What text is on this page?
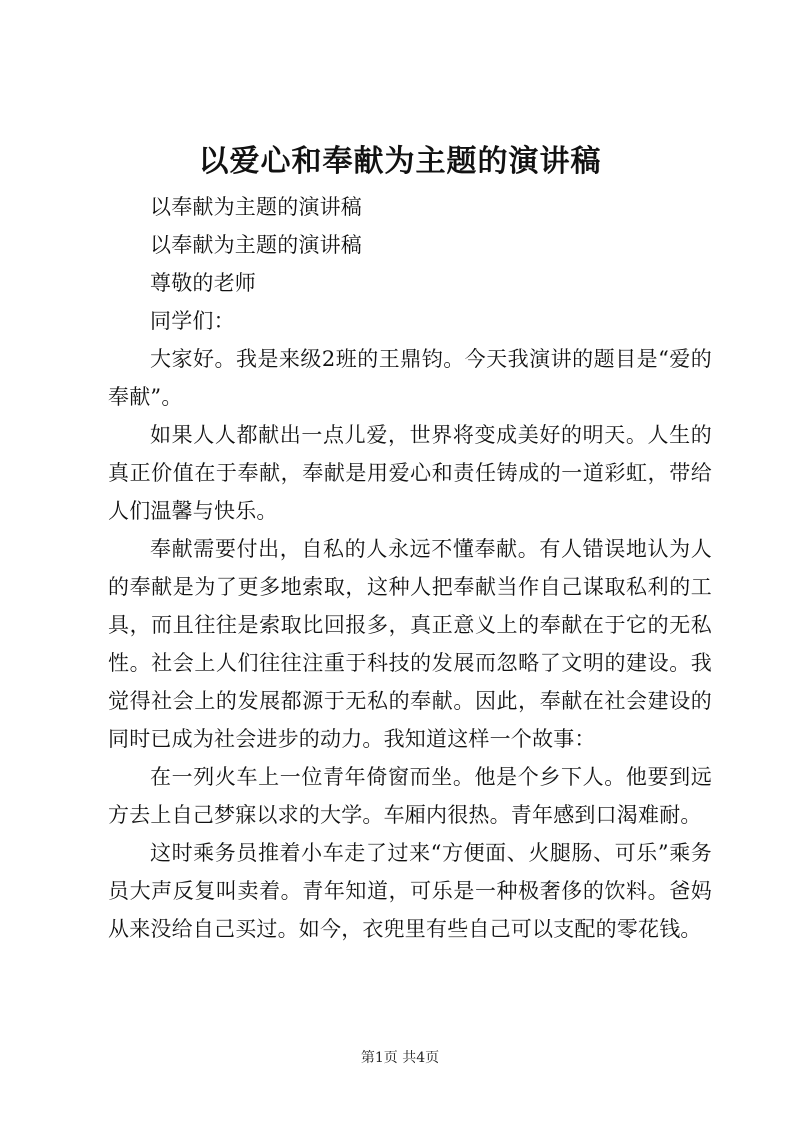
以爱心和奉献为主题的演讲稿

以奉献为主题的演讲稿

以奉献为主题的演讲稿

尊敬的老师

同学们：

大家好。我是来级2班的王鼎钧。今天我演讲的题目是“爱的奉献”。

如果人人都献出一点儿爱，世界将变成美好的明天。人生的真正价值在于奉献，奉献是用爱心和责任铸成的一道彩虹，带给人们温馨与快乐。

奉献需要付出，自私的人永远不懂奉献。有人错误地认为人的奉献是为了更多地索取，这种人把奉献当作自己谋取私利的工具，而且往往是索取比回报多，真正意义上的奉献在于它的无私性。社会上人们往往注重于科技的发展而忽略了文明的建设。我觉得社会上的发展都源于无私的奉献。因此，奉献在社会建设的同时已成为社会进步的动力。我知道这样一个故事：

在一列火车上一位青年倚窗而坐。他是个乡下人。他要到远方去上自己梦寐以求的大学。车厢内很热。青年感到口渴难耐。

这时乘务员推着小车走了过来“方便面、火腿肠、可乐”乘务员大声反复叫卖着。青年知道，可乐是一种极奢侈的饮料。爸妈从来没给自己买过。如今，衣兜里有些自己可以支配的零花钱。

第1页 共4页
